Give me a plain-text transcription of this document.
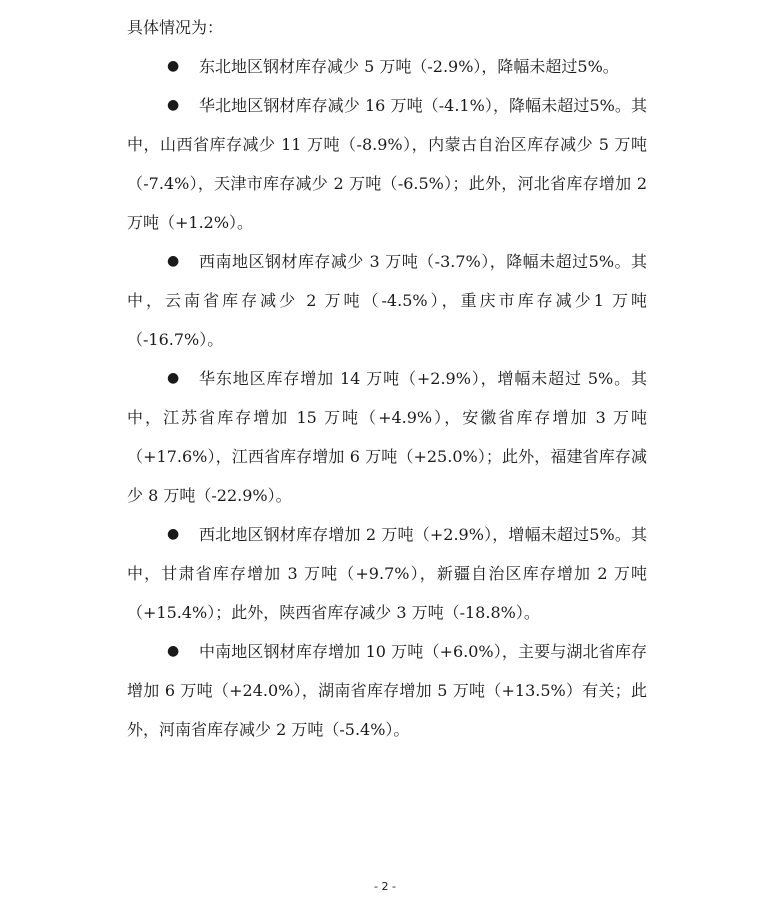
具体情况为：

● 东北地区钢材库存减少 5 万吨（-2.9%），降幅未超过5%。

● 华北地区钢材库存减少 16 万吨（-4.1%），降幅未超过5%。其中，山西省库存减少 11 万吨（-8.9%），内蒙古自治区库存减少 5 万吨（-7.4%），天津市库存减少 2 万吨（-6.5%）；此外，河北省库存增加 2 万吨（+1.2%）。

● 西南地区钢材库存减少 3 万吨（-3.7%），降幅未超过5%。其中，云南省库存减少 2 万吨（-4.5%），重庆市库存减少1 万吨（-16.7%）。

● 华东地区库存增加 14 万吨（+2.9%），增幅未超过 5%。其中，江苏省库存增加 15 万吨（+4.9%），安徽省库存增加 3 万吨（+17.6%），江西省库存增加 6 万吨（+25.0%）；此外，福建省库存减少 8 万吨（-22.9%）。

● 西北地区钢材库存增加 2 万吨（+2.9%），增幅未超过5%。其中，甘肃省库存增加 3 万吨（+9.7%），新疆自治区库存增加 2 万吨（+15.4%）；此外，陕西省库存减少 3 万吨（-18.8%）。

● 中南地区钢材库存增加 10 万吨（+6.0%），主要与湖北省库存增加 6 万吨（+24.0%），湖南省库存增加 5 万吨（+13.5%）有关；此外，河南省库存减少 2 万吨（-5.4%）。

- 2 -
